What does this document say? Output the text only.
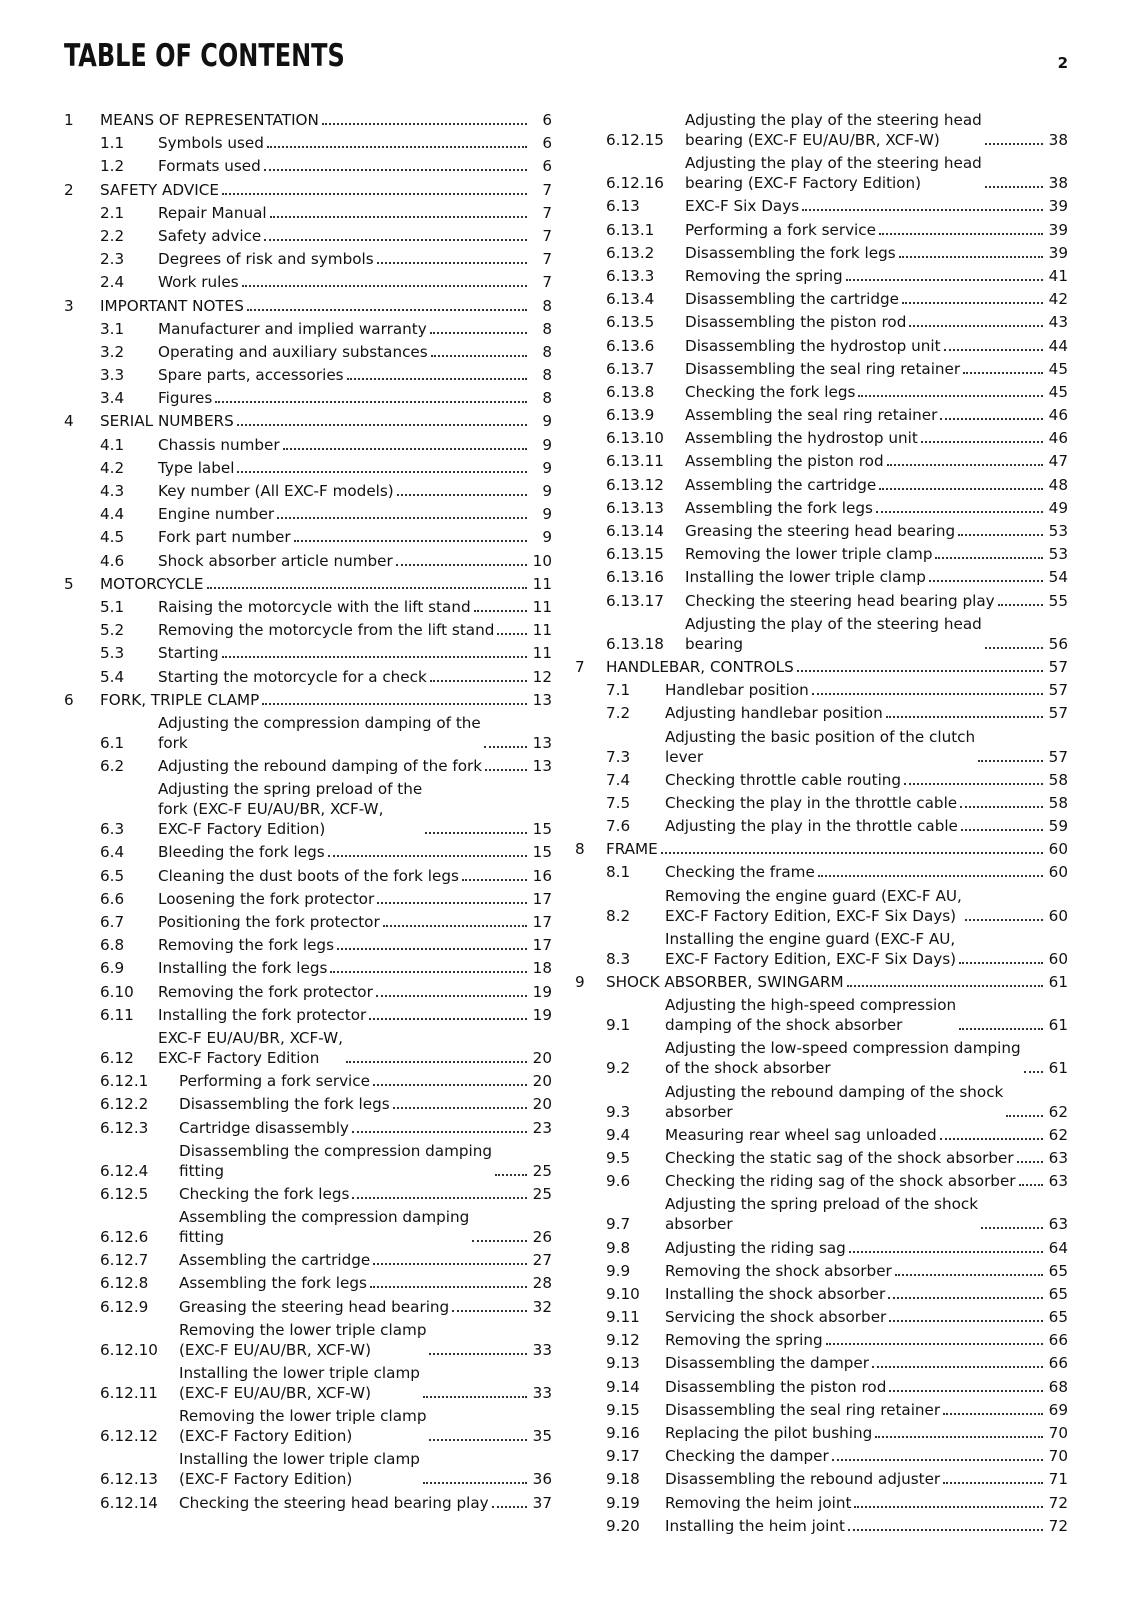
TABLE OF CONTENTS	2
1	MEANS OF REPRESENTATION	6
1.1	Symbols used	6
1.2	Formats used	6
2	SAFETY ADVICE	7
2.1	Repair Manual	7
2.2	Safety advice	7
2.3	Degrees of risk and symbols	7
2.4	Work rules	7
3	IMPORTANT NOTES	8
3.1	Manufacturer and implied warranty	8
3.2	Operating and auxiliary substances	8
3.3	Spare parts, accessories	8
3.4	Figures	8
4	SERIAL NUMBERS	9
4.1	Chassis number	9
4.2	Type label	9
4.3	Key number (All EXC-F models)	9
4.4	Engine number	9
4.5	Fork part number	9
4.6	Shock absorber article number	10
5	MOTORCYCLE	11
5.1	Raising the motorcycle with the lift stand	11
5.2	Removing the motorcycle from the lift stand	11
5.3	Starting	11
5.4	Starting the motorcycle for a check	12
6	FORK, TRIPLE CLAMP	13
6.1
Adjusting the compression damping of the
fork	13
6.2	Adjusting the rebound damping of the fork	13
6.3
Adjusting the spring preload of the
fork (EXC-F EU/AU/BR, XCF-W,
EXC-F Factory Edition)	15
6.4	Bleeding the fork legs	15
6.5	Cleaning the dust boots of the fork legs	16
6.6	Loosening the fork protector	17
6.7	Positioning the fork protector	17
6.8	Removing the fork legs	17
6.9	Installing the fork legs	18
6.10	Removing the fork protector	19
6.11	Installing the fork protector	19
6.12
EXC-F EU/AU/BR, XCF-W,
EXC-F Factory Edition	20
6.12.1	Performing a fork service	20
6.12.2	Disassembling the fork legs	20
6.12.3	Cartridge disassembly	23
6.12.4
Disassembling the compression damping
fitting	25
6.12.5	Checking the fork legs	25
6.12.6
Assembling the compression damping
fitting	26
6.12.7	Assembling the cartridge	27
6.12.8	Assembling the fork legs	28
6.12.9	Greasing the steering head bearing	32
6.12.10
Removing the lower triple clamp
(EXC-F EU/AU/BR, XCF-W)	33
6.12.11
Installing the lower triple clamp
(EXC-F EU/AU/BR, XCF-W)	33
6.12.12
Removing the lower triple clamp
(EXC-F Factory Edition)	35
6.12.13
Installing the lower triple clamp
(EXC-F Factory Edition)	36
6.12.14	Checking the steering head bearing play	37
6.12.15
Adjusting the play of the steering head
bearing (EXC-F EU/AU/BR, XCF-W)	38
6.12.16
Adjusting the play of the steering head
bearing (EXC-F Factory Edition)	38
6.13	EXC-F Six Days	39
6.13.1	Performing a fork service	39
6.13.2	Disassembling the fork legs	39
6.13.3	Removing the spring	41
6.13.4	Disassembling the cartridge	42
6.13.5	Disassembling the piston rod	43
6.13.6	Disassembling the hydrostop unit	44
6.13.7	Disassembling the seal ring retainer	45
6.13.8	Checking the fork legs	45
6.13.9	Assembling the seal ring retainer	46
6.13.10	Assembling the hydrostop unit	46
6.13.11	Assembling the piston rod	47
6.13.12	Assembling the cartridge	48
6.13.13	Assembling the fork legs	49
6.13.14	Greasing the steering head bearing	53
6.13.15	Removing the lower triple clamp	53
6.13.16	Installing the lower triple clamp	54
6.13.17	Checking the steering head bearing play	55
6.13.18
Adjusting the play of the steering head
bearing	56
7	HANDLEBAR, CONTROLS	57
7.1	Handlebar position	57
7.2	Adjusting handlebar position	57
7.3
Adjusting the basic position of the clutch
lever	57
7.4	Checking throttle cable routing	58
7.5	Checking the play in the throttle cable	58
7.6	Adjusting the play in the throttle cable	59
8	FRAME	60
8.1	Checking the frame	60
8.2
Removing the engine guard (EXC-F AU,
EXC-F Factory Edition, EXC-F Six Days)	60
8.3
Installing the engine guard (EXC-F AU,
EXC-F Factory Edition, EXC-F Six Days)	60
9	SHOCK ABSORBER, SWINGARM	61
9.1
Adjusting the high-speed compression
damping of the shock absorber	61
9.2
Adjusting the low-speed compression damping
of the shock absorber	61
9.3
Adjusting the rebound damping of the shock
absorber	62
9.4	Measuring rear wheel sag unloaded	62
9.5	Checking the static sag of the shock absorber 63
9.6	Checking the riding sag of the shock absorber 63
9.7
Adjusting the spring preload of the shock
absorber	63
9.8	Adjusting the riding sag	64
9.9	Removing the shock absorber	65
9.10	Installing the shock absorber	65
9.11	Servicing the shock absorber	65
9.12	Removing the spring	66
9.13	Disassembling the damper	66
9.14	Disassembling the piston rod	68
9.15	Disassembling the seal ring retainer	69
9.16	Replacing the pilot bushing	70
9.17	Checking the damper	70
9.18	Disassembling the rebound adjuster	71
9.19	Removing the heim joint	72
9.20	Installing the heim joint	72
